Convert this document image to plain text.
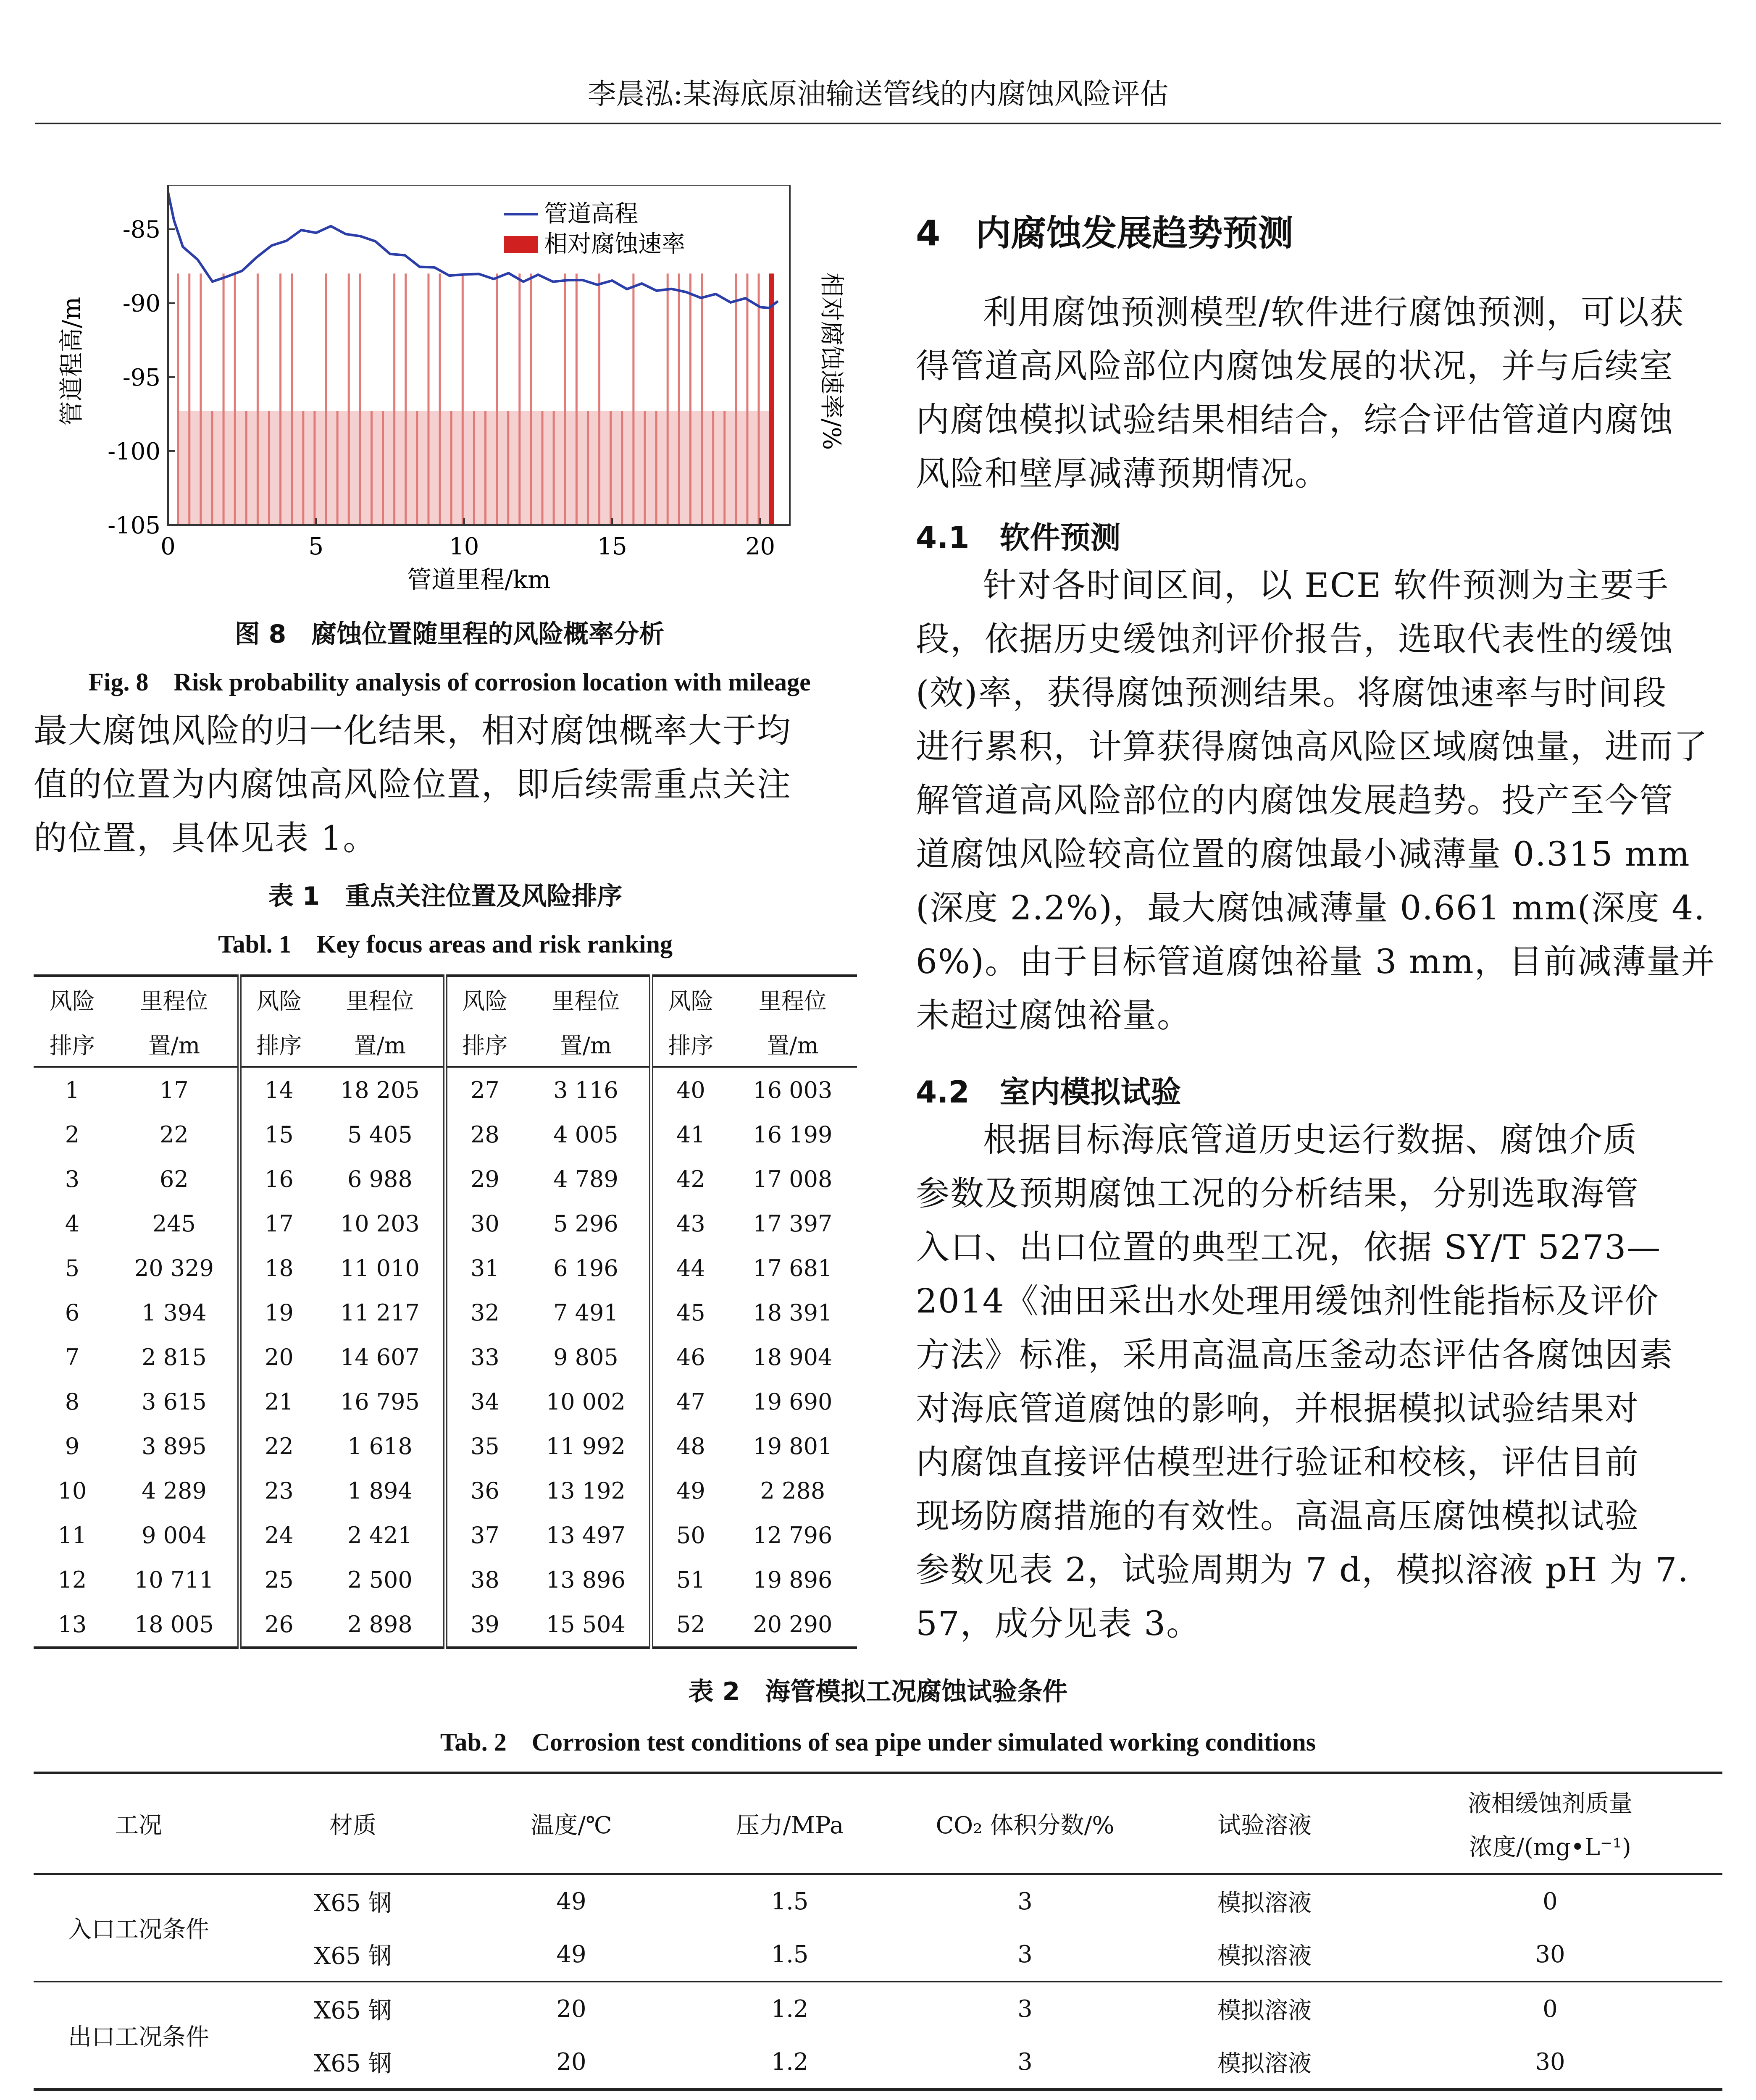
李晨泓:某海底原油输送管线的内腐蚀风险评估
0	5	10	15	20
-85
-90
-95
-100
-105
管道高程
相对腐蚀速率
管道程高/m	相对腐蚀速率/%
管道里程/km
图 8　腐蚀位置随里程的风险概率分析
Fig. 8　Risk probability analysis of corrosion location with mileage

最大腐蚀风险的归一化结果，相对腐蚀概率大于均

值的位置为内腐蚀高风险位置，即后续需重点关注

的位置，具体见表 1。

表 1　重点关注位置及风险排序
Tabl. 1　Key focus areas and risk ranking
风险	里程位	风险	里程位	风险	里程位	风险	里程位
排序	置/m	排序	置/m	排序	置/m	排序	置/m
1	17	14	18 205	27	3 116	40	16 003
2	22	15	5 405	28	4 005	41	16 199
3	62	16	6 988	29	4 789	42	17 008
4	245	17	10 203	30	5 296	43	17 397
5	20 329	18	11 010	31	6 196	44	17 681
6	1 394	19	11 217	32	7 491	45	18 391
7	2 815	20	14 607	33	9 805	46	18 904
8	3 615	21	16 795	34	10 002	47	19 690
9	3 895	22	1 618	35	11 992	48	19 801
10	4 289	23	1 894	36	13 192	49	2 288
11	9 004	24	2 421	37	13 497	50	12 796
12	10 711	25	2 500	38	13 896	51	19 896
13	18 005	26	2 898	39	15 504	52	20 290
4　内腐蚀发展趋势预测

利用腐蚀预测模型/软件进行腐蚀预测，可以获

得管道高风险部位内腐蚀发展的状况，并与后续室

内腐蚀模拟试验结果相结合，综合评估管道内腐蚀

风险和壁厚减薄预期情况。

4.1　软件预测

针对各时间区间，以 ECE 软件预测为主要手

段，依据历史缓蚀剂评价报告，选取代表性的缓蚀

(效)率，获得腐蚀预测结果。将腐蚀速率与时间段

进行累积，计算获得腐蚀高风险区域腐蚀量，进而了

解管道高风险部位的内腐蚀发展趋势。投产至今管

道腐蚀风险较高位置的腐蚀最小减薄量 0.315 mm

(深度 2.2%)，最大腐蚀减薄量 0.661 mm(深度 4.

6%)。由于目标管道腐蚀裕量 3 mm，目前减薄量并

未超过腐蚀裕量。

4.2　室内模拟试验

根据目标海底管道历史运行数据、腐蚀介质

参数及预期腐蚀工况的分析结果，分别选取海管

入口、出口位置的典型工况，依据 SY/T 5273—

2014《油田采出水处理用缓蚀剂性能指标及评价

方法》标准，采用高温高压釜动态评估各腐蚀因素

对海底管道腐蚀的影响，并根据模拟试验结果对

内腐蚀直接评估模型进行验证和校核，评估目前

现场防腐措施的有效性。高温高压腐蚀模拟试验

参数见表 2，试验周期为 7 d，模拟溶液 pH 为 7.

57，成分见表 3。

表 2　海管模拟工况腐蚀试验条件
Tab. 2　Corrosion test conditions of sea pipe under simulated working conditions
工况	材质	温度/℃	压力/MPa	CO₂ 体积分数/%	试验溶液	液相缓蚀剂质量
浓度/(mg•L⁻¹)

入口工况条件	X65 钢	49	1.5	3	模拟溶液	0
	X65 钢	49	1.5	3	模拟溶液	30
出口工况条件	X65 钢	20	1.2	3	模拟溶液	0
	X65 钢	20	1.2	3	模拟溶液	30
